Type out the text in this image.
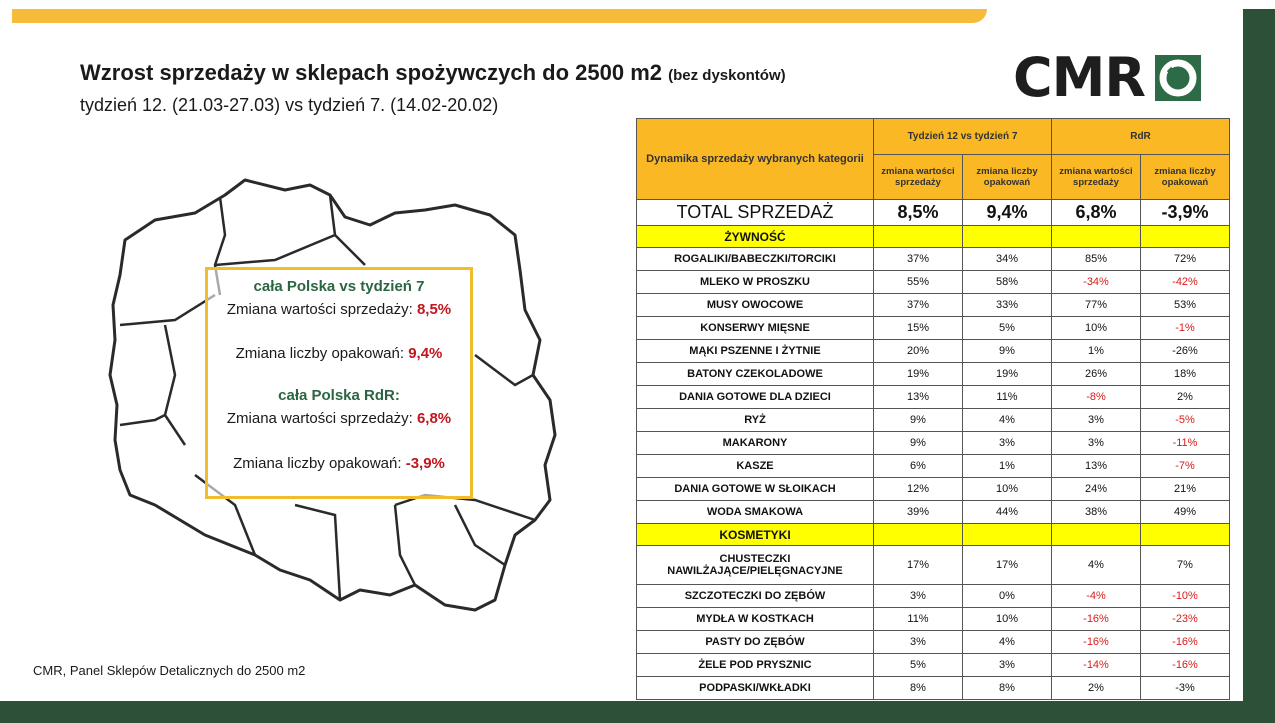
Wzrost sprzedaży w sklepach spożywczych do 2500 m2 (bez dyskontów)
tydzień 12. (21.03-27.03) vs tydzień 7. (14.02-20.02)	CMR
cała Polska vs tydzień 7
Zmiana wartości sprzedaży: 8,5%
Zmiana liczby opakowań: 9,4%
cała Polska RdR:
Zmiana wartości sprzedaży: 6,8%
Zmiana liczby opakowań: -3,9%
CMR, Panel Sklepów Detalicznych do 2500 m2
Dynamika sprzedaży wybranych kategorii	Tydzień 12 vs tydzień 7		RdR	
	zmiana wartości sprzedaży	zmiana liczby opakowań	zmiana wartości sprzedaży	zmiana liczby opakowań
TOTAL SPRZEDAŻ	8,5%	9,4%	6,8%	-3,9%
ŻYWNOŚĆ				
ROGALIKI/BABECZKI/TORCIKI	37%	34%	85%	72%
MLEKO W PROSZKU	55%	58%	-34%	-42%
MUSY OWOCOWE	37%	33%	77%	53%
KONSERWY MIĘSNE	15%	5%	10%	-1%
MĄKI PSZENNE I ŻYTNIE	20%	9%	1%	-26%
BATONY CZEKOLADOWE	19%	19%	26%	18%
DANIA GOTOWE DLA DZIECI	13%	11%	-8%	2%
RYŻ	9%	4%	3%	-5%
MAKARONY	9%	3%	3%	-11%
KASZE	6%	1%	13%	-7%
DANIA GOTOWE W SŁOIKACH	12%	10%	24%	21%
WODA SMAKOWA	39%	44%	38%	49%
KOSMETYKI				
CHUSTECZKI NAWILŻAJĄCE/PIELĘGNACYJNE	17%	17%	4%	7%
SZCZOTECZKI DO ZĘBÓW	3%	0%	-4%	-10%
MYDŁA W KOSTKACH	11%	10%	-16%	-23%
PASTY DO ZĘBÓW	3%	4%	-16%	-16%
ŻELE POD PRYSZNIC	5%	3%	-14%	-16%
PODPASKI/WKŁADKI	8%	8%	2%	-3%
